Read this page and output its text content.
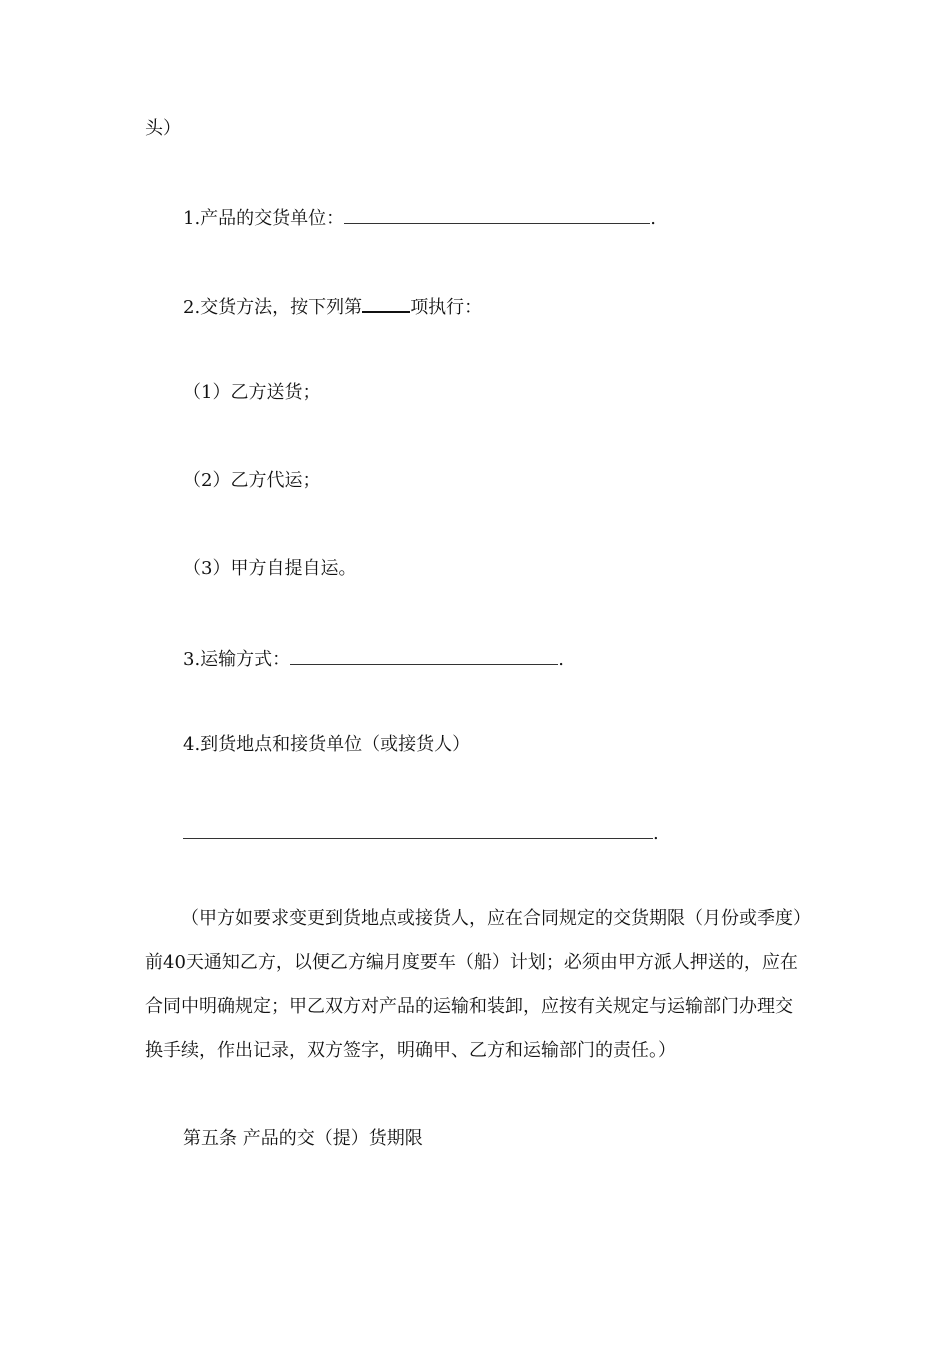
头）
1.产品的交货单位：	.
2.交货方法，按下列第	项执行：
（1）乙方送货；
（2）乙方代运；
（3）甲方自提自运。
3.运输方式：	.
4.到货地点和接货单位（或接货人）
.
（甲方如要求变更到货地点或接货人，应在合同规定的交货期限（月份或季度）前40天通知乙方，以便乙方编月度要车（船）计划；必须由甲方派人押送的，应在合同中明确规定；甲乙双方对产品的运输和装卸，应按有关规定与运输部门办理交换手续，作出记录，双方签字，明确甲、乙方和运输部门的责任。）
第五条 产品的交（提）货期限
